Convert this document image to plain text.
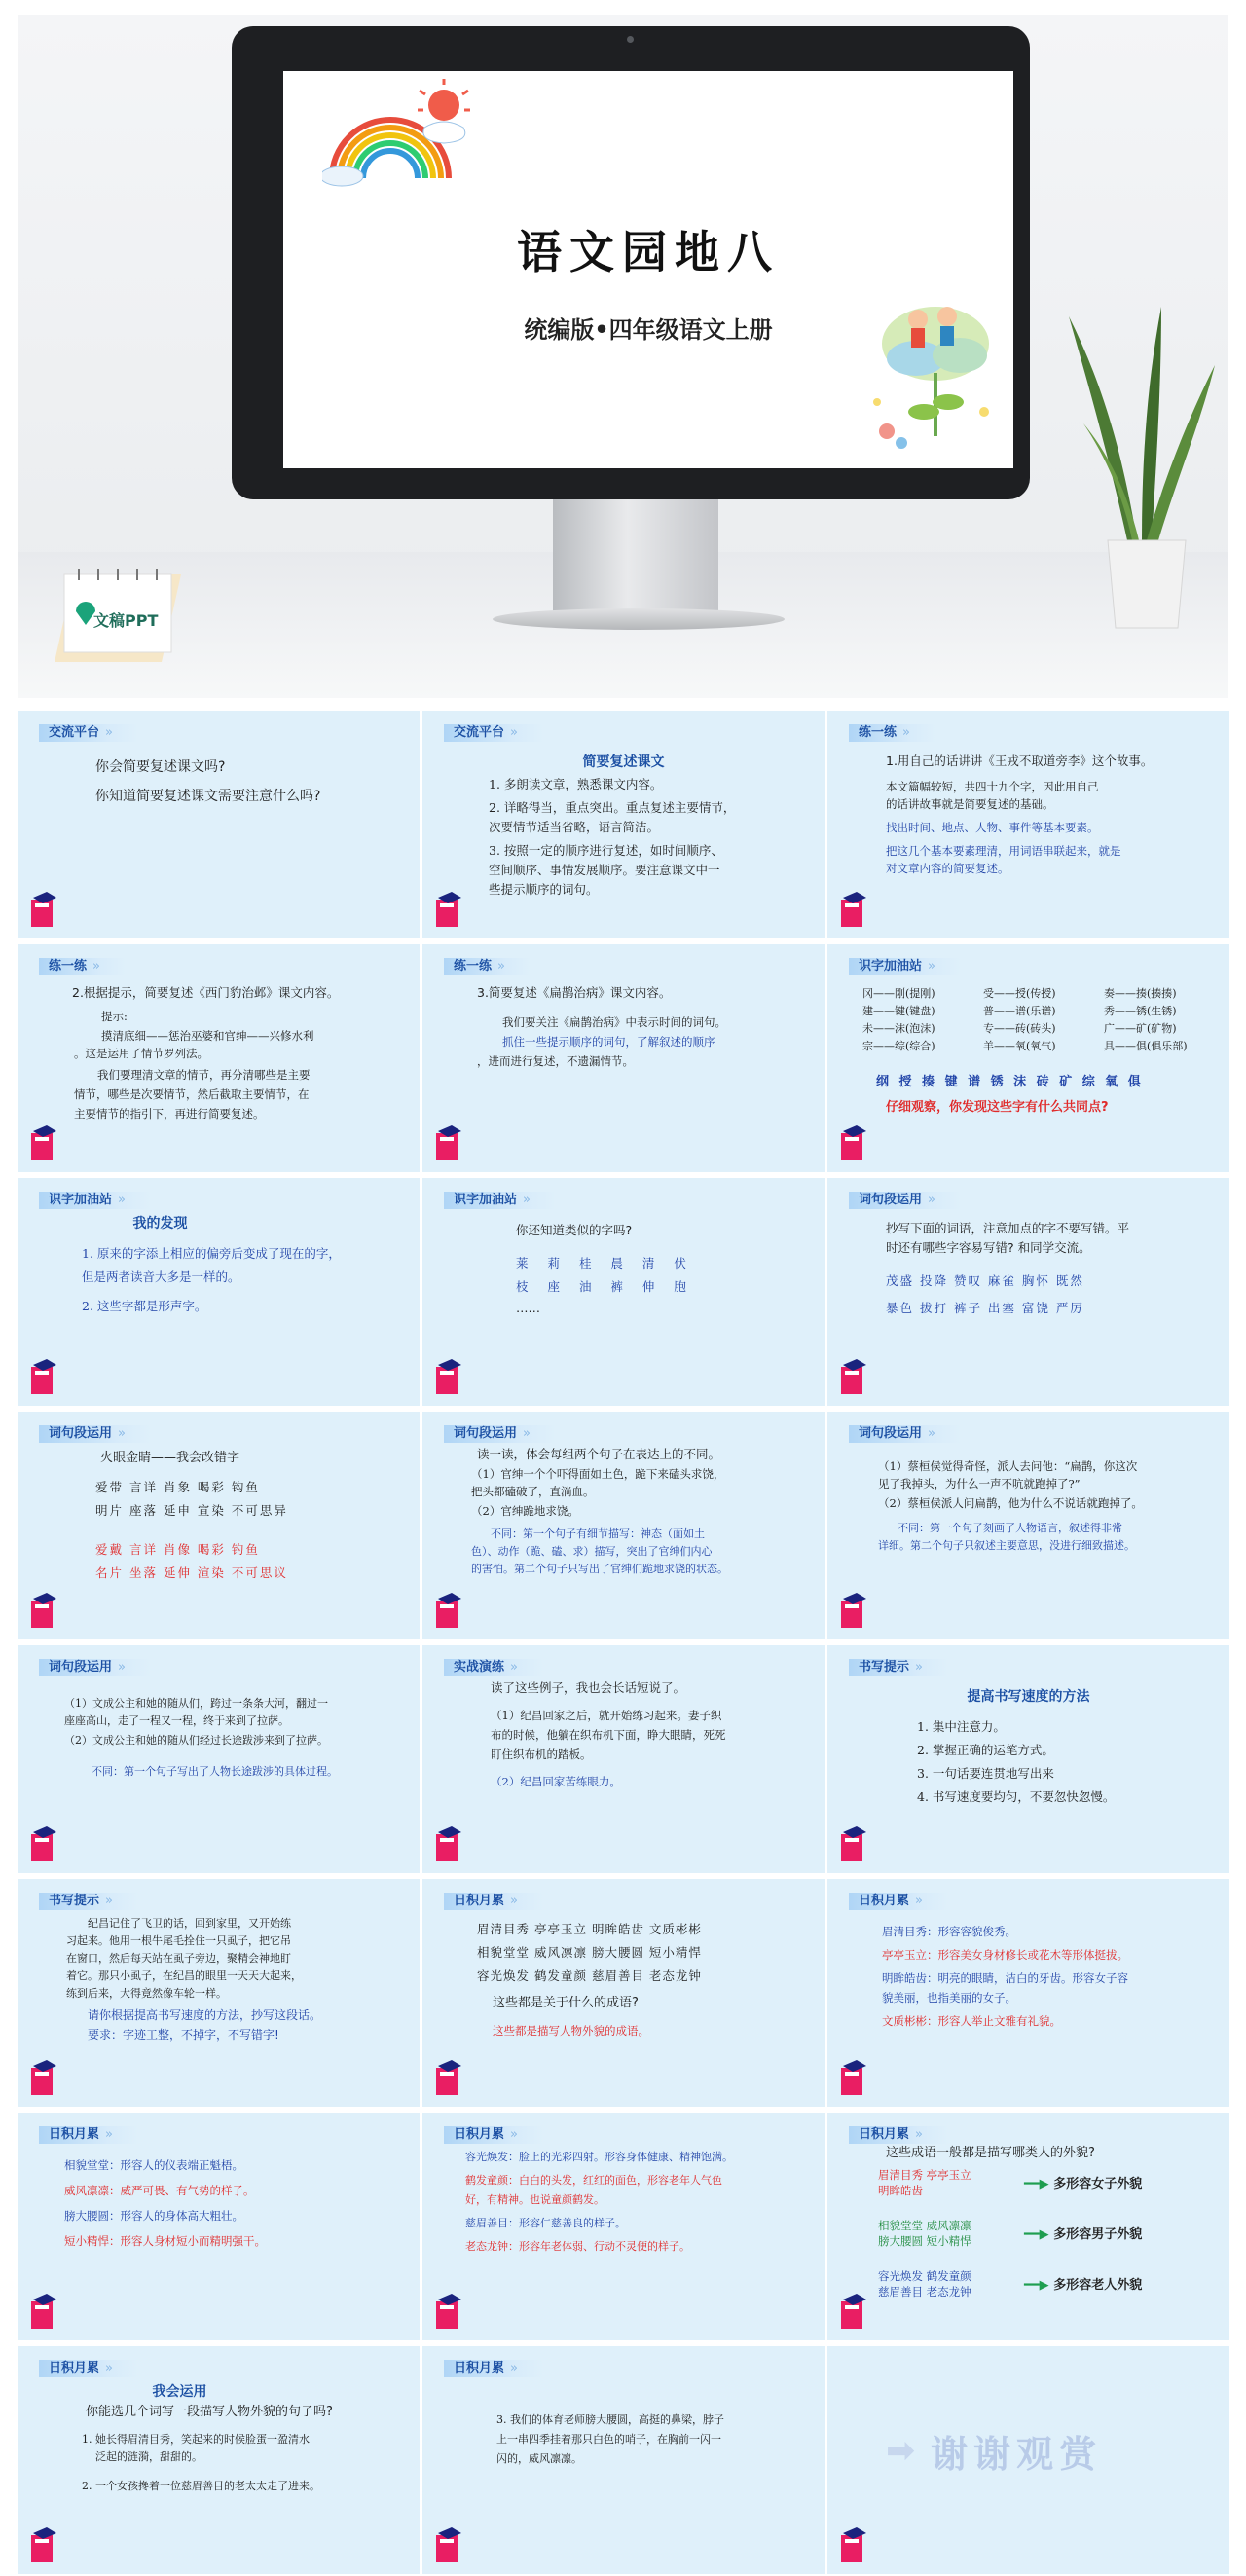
语文园地八
统编版•四年级语文上册
文稿PPT
交流平台 »
你会简要复述课文吗?
你知道简要复述课文需要注意什么吗?
交流平台 »
简要复述课文
1. 多朗读文章，熟悉课文内容。
2. 详略得当，重点突出。重点复述主要情节，
次要情节适当省略，语言简洁。
3. 按照一定的顺序进行复述，如时间顺序、
空间顺序、事情发展顺序。要注意课文中一
些提示顺序的词句。
练一练 »
1.用自己的话讲讲《王戎不取道旁李》这个故事。
本文篇幅较短，共四十九个字，因此用自己
的话讲故事就是简要复述的基础。
找出时间、地点、人物、事件等基本要素。
把这几个基本要素理清，用词语串联起来，就是
对文章内容的简要复述。
练一练 »
2.根据提示，简要复述《西门豹治邺》课文内容。
提示:
摸清底细——惩治巫婆和官绅——兴修水利
。这是运用了情节罗列法。
我们要理清文章的情节，再分清哪些是主要
情节，哪些是次要情节，然后截取主要情节，在
主要情节的指引下，再进行简要复述。
练一练 »
3.简要复述《扁鹊治病》课文内容。
我们要关注《扁鹊治病》中表示时间的词句。
抓住一些提示顺序的词句，了解叙述的顺序
，进而进行复述，不遗漏情节。
识字加油站 »
冈——刚(提刚)	受——授(传授)	奏——揍(揍揍)
建——键(键盘)	普——谱(乐谱)	秀——锈(生锈)
未——沫(泡沫)	专——砖(砖头)	广——矿(矿物)
宗——综(综合)	羊——氧(氧气)	具——俱(俱乐部)
纲 授 揍 键 谱 锈 沫 砖 矿 综 氧 俱
仔细观察，你发现这些字有什么共同点?
识字加油站 »
我的发现
1. 原来的字添上相应的偏旁后变成了现在的字，
但是两者读音大多是一样的。
2. 这些字都是形声字。
识字加油站 »
你还知道类似的字吗?
莱 莉 桂 晨 清 伏
枝 座 油 裤 伸 胞
……
词句段运用 »
抄写下面的词语，注意加点的字不要写错。平
时还有哪些字容易写错? 和同学交流。
茂盛 投降 赞叹 麻雀 胸怀 既然
暴色 拔打 裤子 出塞 富饶 严厉
词句段运用 »
火眼金睛——我会改错字
爱带 言详 肖象 喝彩 钩鱼
明片 座落 延申 宣染 不可思异
爱戴 言详 肖像 喝彩 钓鱼
名片 坐落 延伸 渲染 不可思议
词句段运用 »
读一读，体会每组两个句子在表达上的不同。
（1）官绅一个个吓得面如土色，跪下来磕头求饶，
把头都磕破了，直淌血。
（2）官绅跪地求饶。
不同：第一个句子有细节描写：神态（面如土
色）、动作（跪、磕、求）描写，突出了官绅们内心
的害怕。第二个句子只写出了官绅们跪地求饶的状态。
词句段运用 »
（1）蔡桓侯觉得奇怪，派人去问他：“扁鹊，你这次
见了我掉头，为什么一声不吭就跑掉了?”
（2）蔡桓侯派人问扁鹊，他为什么不说话就跑掉了。
不同：第一个句子刻画了人物语言，叙述得非常
详细。第二个句子只叙述主要意思，没进行细致描述。
词句段运用 »
（1）文成公主和她的随从们，跨过一条条大河，翻过一
座座高山，走了一程又一程，终于来到了拉萨。
（2）文成公主和她的随从们经过长途跋涉来到了拉萨。
不同：第一个句子写出了人物长途跋涉的具体过程。
实战演练 »
读了这些例子，我也会长话短说了。
（1）纪昌回家之后，就开始练习起来。妻子织
布的时候，他躺在织布机下面，睁大眼睛，死死
盯住织布机的踏板。
（2）纪昌回家苦练眼力。
书写提示 »
提高书写速度的方法
1. 集中注意力。
2. 掌握正确的运笔方式。
3. 一句话要连贯地写出来
4. 书写速度要均匀，不要忽快忽慢。
书写提示 »
纪昌记住了飞卫的话，回到家里，又开始练
习起来。他用一根牛尾毛拴住一只虱子，把它吊
在窗口，然后每天站在虱子旁边，聚精会神地盯
着它。那只小虱子，在纪昌的眼里一天天大起来，
练到后来，大得竟然像车轮一样。
请你根据提高书写速度的方法，抄写这段话。
要求：字迹工整，不掉字，不写错字!
日积月累 »
眉清目秀 亭亭玉立 明眸皓齿 文质彬彬
相貌堂堂 威风凛凛 膀大腰圆 短小精悍
容光焕发 鹤发童颜 慈眉善目 老态龙钟
这些都是关于什么的成语?
这些都是描写人物外貌的成语。
日积月累 »
眉清目秀：形容容貌俊秀。
亭亭玉立：形容美女身材修长或花木等形体挺拔。
明眸皓齿：明亮的眼睛，洁白的牙齿。形容女子容
貌美丽，也指美丽的女子。
文质彬彬：形容人举止文雅有礼貌。
日积月累 »
相貌堂堂：形容人的仪表端正魁梧。
威风凛凛：威严可畏、有气势的样子。
膀大腰圆：形容人的身体高大粗壮。
短小精悍：形容人身材短小而精明强干。
日积月累 »
容光焕发：脸上的光彩四射。形容身体健康、精神饱满。
鹤发童颜：白白的头发，红红的面色，形容老年人气色
好，有精神。也说童颜鹤发。
慈眉善目：形容仁慈善良的样子。
老态龙钟：形容年老体弱、行动不灵便的样子。
日积月累 »
这些成语一般都是描写哪类人的外貌?
眉清目秀 亭亭玉立
明眸皓齿	━━▶ 多形容女子外貌
相貌堂堂 威风凛凛
膀大腰圆 短小精悍	━━▶ 多形容男子外貌
容光焕发 鹤发童颜
慈眉善目 老态龙钟	━━▶ 多形容老人外貌
日积月累 »
我会运用
你能选几个词写一段描写人物外貌的句子吗?
1. 她长得眉清目秀，笑起来的时候脸蛋一盈清水
泛起的涟漪，甜甜的。
2. 一个女孩搀着一位慈眉善目的老太太走了进来。
日积月累 »
3. 我们的体育老师膀大腰圆，高挺的鼻梁，脖子
上一串四季挂着那只白色的哨子，在胸前一闪一
闪的，威风凛凛。	➡ 谢谢观赏
